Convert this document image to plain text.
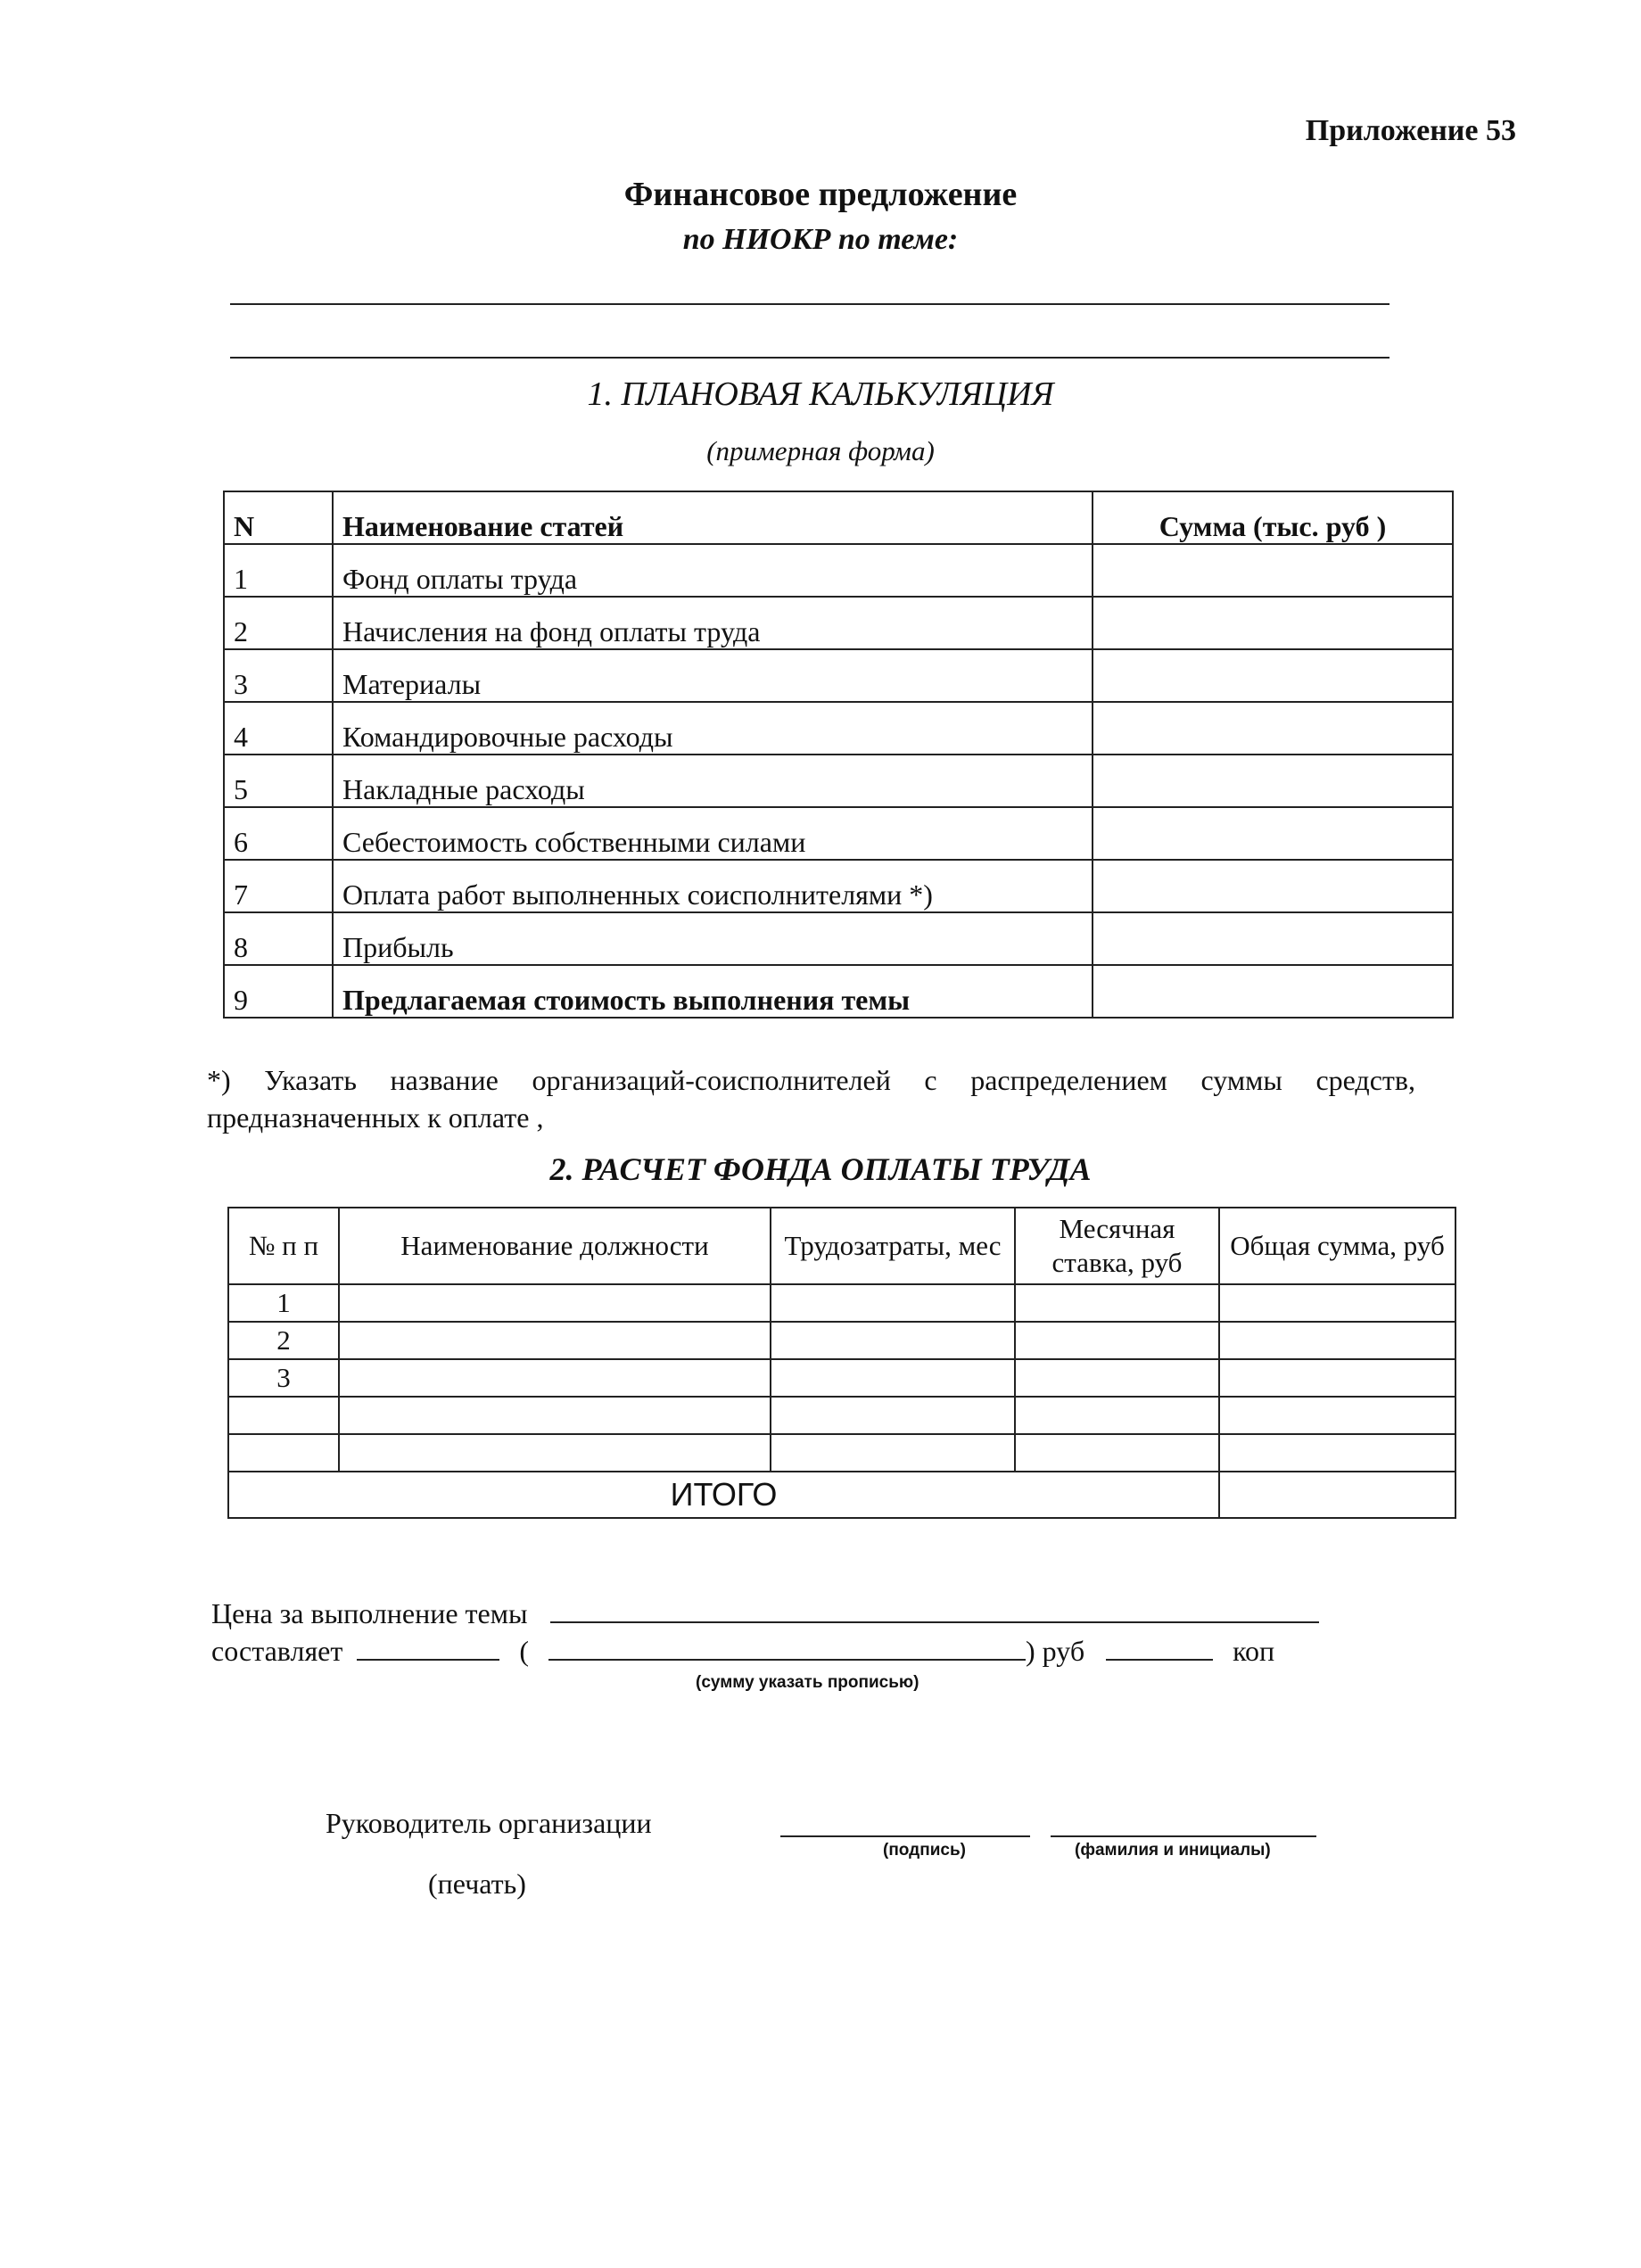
Приложение 53
Финансовое предложение
по НИОКР по теме:
1. ПЛАНОВАЯ КАЛЬКУЛЯЦИЯ
(примерная форма)
N	Наименование статей	Сумма (тыс. руб )
1	Фонд оплаты труда	
2	Начисления на фонд оплаты труда	
3	Материалы	
4	Командировочные расходы	
5	Накладные расходы	
6	Себестоимость собственными силами	
7	Оплата работ выполненных соисполнителями *)	
8	Прибыль	
9	Предлагаемая стоимость выполнения темы	
*) Указать название организаций-соисполнителей с распределением суммы средств, предназначенных к оплате ,
2. РАСЧЕТ ФОНДА ОПЛАТЫ ТРУДА
№ п п	Наименование должности	Трудозатраты, мес	Месячная ставка, руб	Общая сумма, руб
1				
2				
3				

ИТОГО				
Цена за выполнение темы
составляет	(	) руб	коп
(сумму указать прописью)
Руководитель организации
(подпись)	(фамилия и инициалы)
(печать)
